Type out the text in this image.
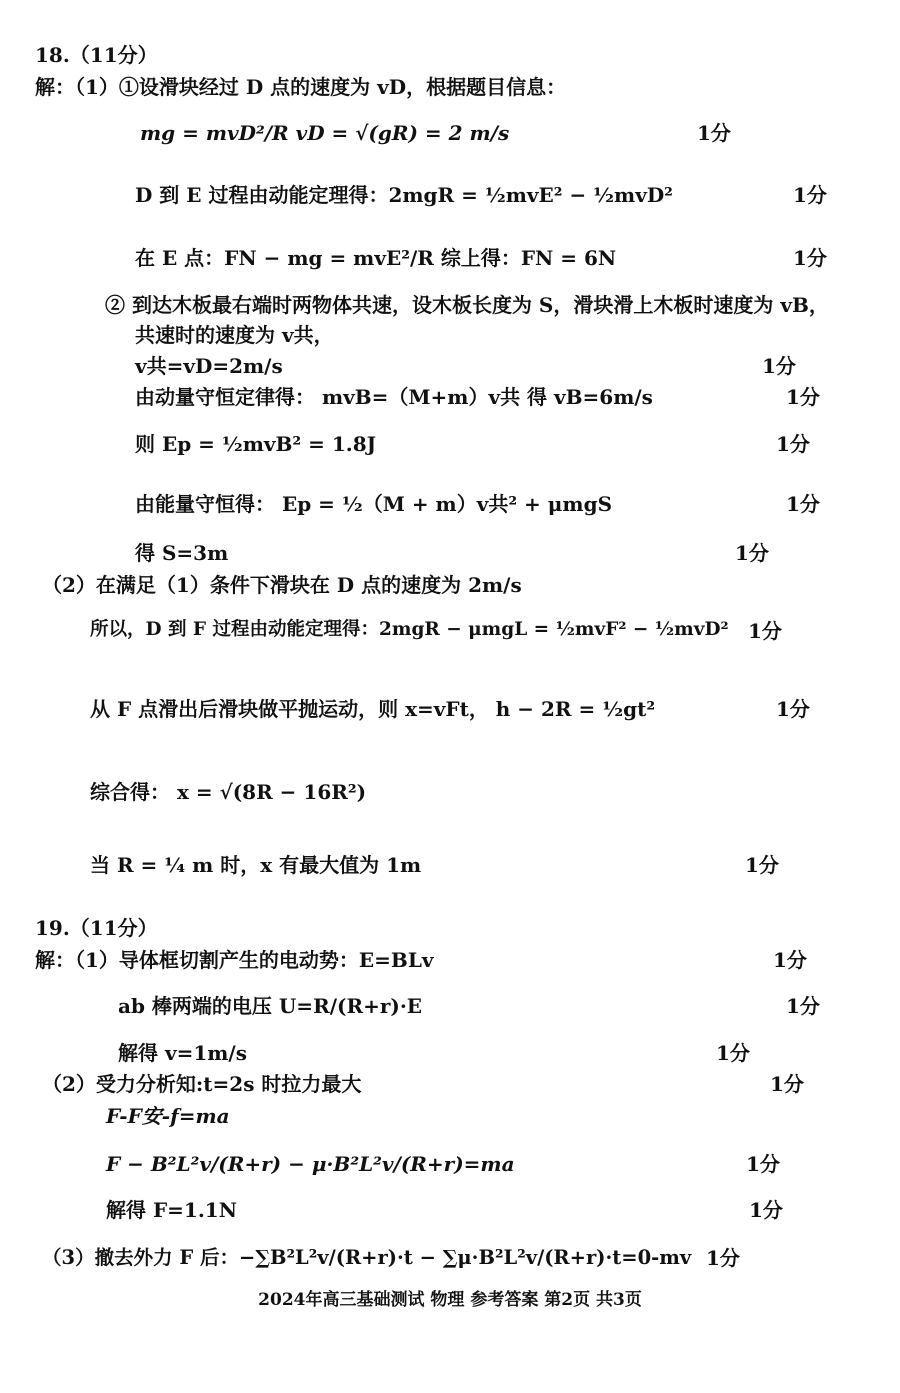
18.（11分）
解：（1）①设滑块经过 D 点的速度为 vD，根据题目信息：
mg = mvD²/R vD = √(gR) = 2 m/s	1分
D 到 E 过程由动能定理得：2mgR = ½mvE² − ½mvD²	1分
在 E 点：FN − mg = mvE²/R 综上得：FN = 6N	1分
② 到达木板最右端时两物体共速，设木板长度为 S，滑块滑上木板时速度为 vB，
共速时的速度为 v共，
v共=vD=2m/s	1分
由动量守恒定律得： mvB=（M+m）v共 得 vB=6m/s	1分
则 Ep = ½mvB² = 1.8J	1分
由能量守恒得： Ep = ½（M + m）v共² + μmgS	1分
得 S=3m	1分
（2）在满足（1）条件下滑块在 D 点的速度为 2m/s
所以，D 到 F 过程由动能定理得：2mgR − μmgL = ½mvF² − ½mvD² 1分
从 F 点滑出后滑块做平抛运动，则 x=vFt， h − 2R = ½gt²	1分
综合得： x = √(8R − 16R²)
当 R = ¼ m 时，x 有最大值为 1m	1分
19.（11分）
解：（1）导体框切割产生的电动势：E=BLv	1分
ab 棒两端的电压 U=R/(R+r)·E	1分
解得 v=1m/s	1分
（2）受力分析知:t=2s 时拉力最大	1分
F-F安-f=ma
F − B²L²v/(R+r) − μ·B²L²v/(R+r)=ma	1分
解得 F=1.1N	1分
（3）撤去外力 F 后：−∑B²L²v/(R+r)·t − ∑μ·B²L²v/(R+r)·t=0-mv 1分
2024年高三基础测试 物理 参考答案 第2页 共3页
